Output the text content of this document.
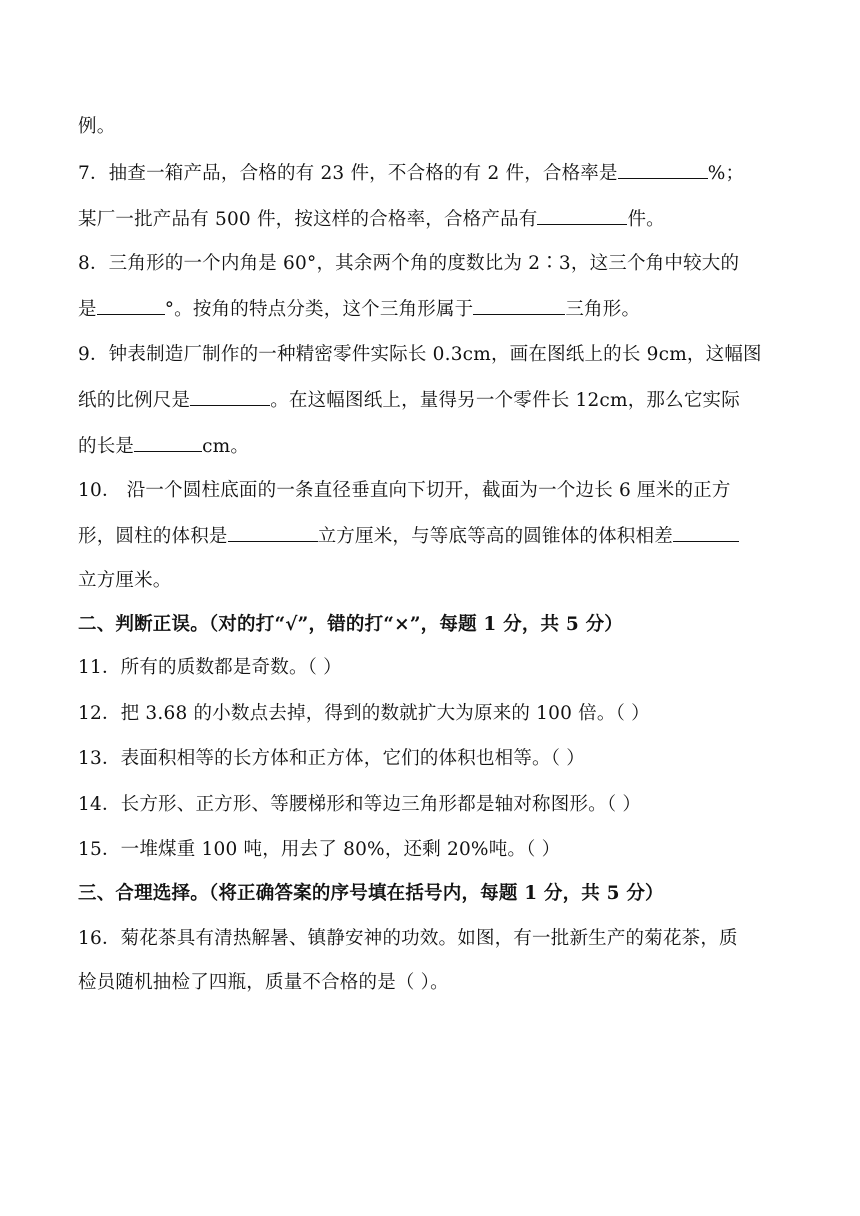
例。
7．抽查一箱产品，合格的有 23 件，不合格的有 2 件，合格率是	%；
某厂一批产品有 500 件，按这样的合格率，合格产品有	件。
8．三角形的一个内角是 60°，其余两个角的度数比为 2∶3，这三个角中较大的
是	°。按角的特点分类，这个三角形属于	三角形。
9．钟表制造厂制作的一种精密零件实际长 0.3cm，画在图纸上的长 9cm，这幅图
纸的比例尺是	。在这幅图纸上，量得另一个零件长 12cm，那么它实际
的长是	cm。
10． 沿一个圆柱底面的一条直径垂直向下切开，截面为一个边长 6 厘米的正方
形，圆柱的体积是	立方厘米，与等底等高的圆锥体的体积相差
立方厘米。
二、判断正误。（对的打“√”，错的打“×”，每题 1 分，共 5 分）
11．所有的质数都是奇数。（ ）
12．把 3.68 的小数点去掉，得到的数就扩大为原来的 100 倍。（ ）
13．表面积相等的长方体和正方体，它们的体积也相等。（ ）
14．长方形、正方形、等腰梯形和等边三角形都是轴对称图形。（ ）
15．一堆煤重 100 吨，用去了 80%，还剩 20%吨。（ ）
三、合理选择。（将正确答案的序号填在括号内，每题 1 分，共 5 分）
16．菊花茶具有清热解暑、镇静安神的功效。如图，有一批新生产的菊花茶，质
检员随机抽检了四瓶，质量不合格的是（ ）。
